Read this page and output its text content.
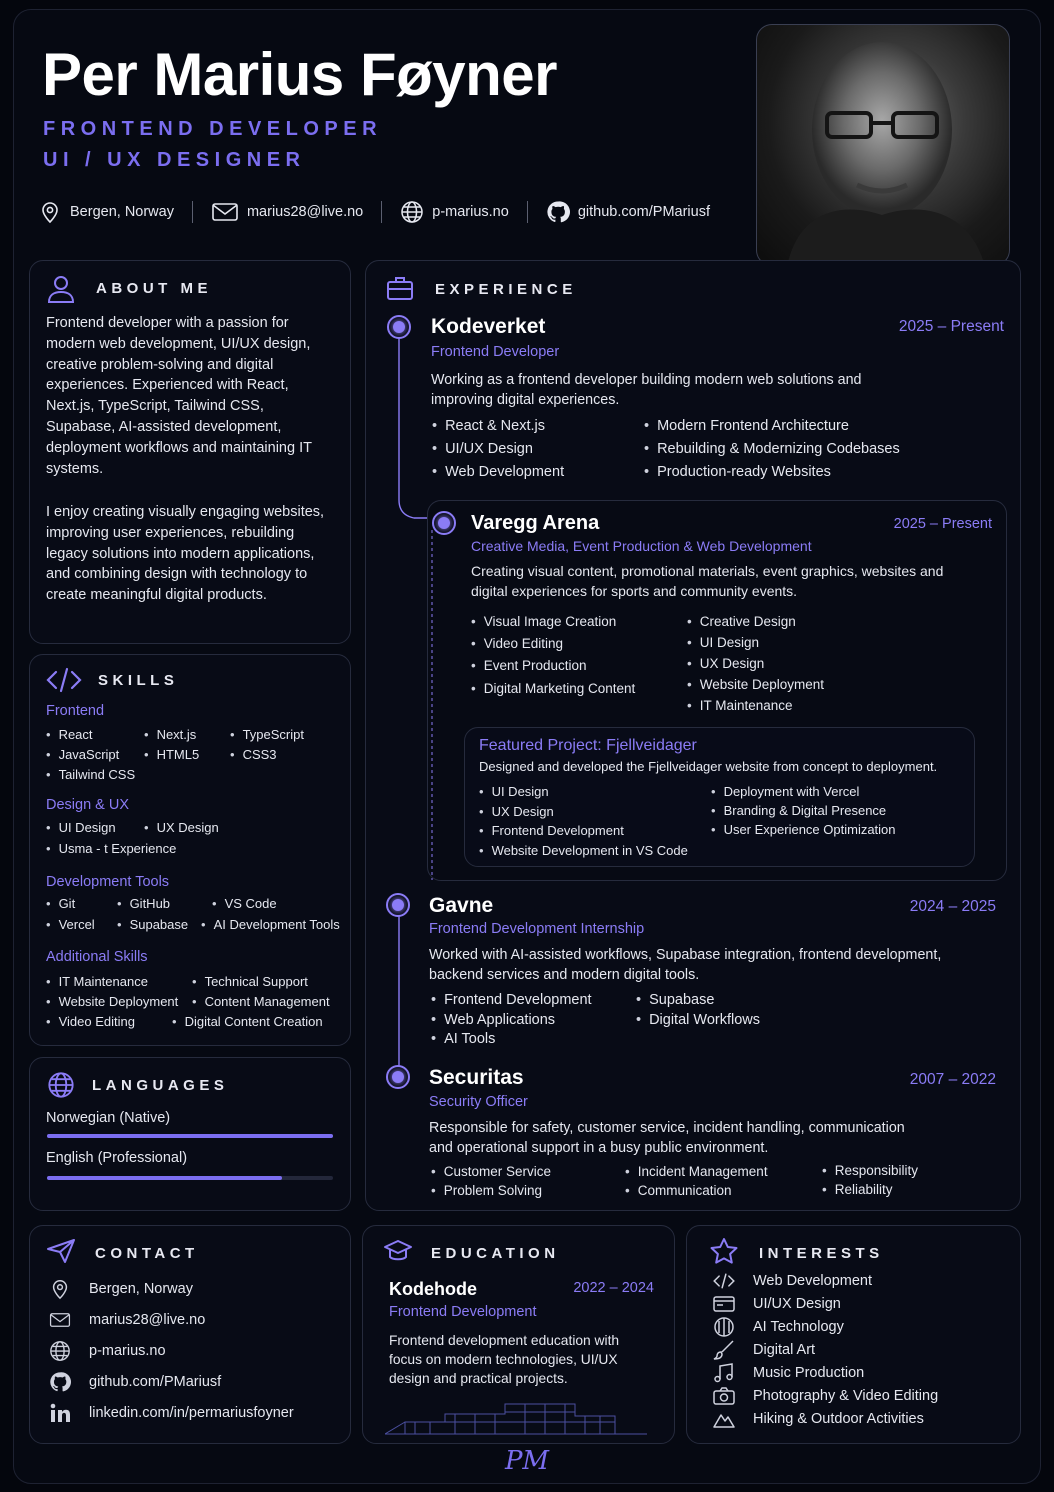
Per Marius Føyner
FRONTEND DEVELOPER
UI / UX DESIGNER
Bergen, Norway	marius28@live.no	p-marius.no	github.com/PMariusf
ABOUT ME

Frontend developer with a passion for modern web development, UI/UX design, creative problem-solving and digital experiences. Experienced with React, Next.js, TypeScript, Tailwind CSS, Supabase, AI-assisted development, deployment workflows and maintaining IT systems.

I enjoy creating visually engaging websites, improving user experiences, rebuilding legacy solutions into modern applications, and combining design with technology to create meaningful digital products.

SKILLS
Frontend
• React	• Next.js	• TypeScript
• JavaScript	• HTML5	• CSS3
• Tailwind CSS
Design & UX
• UI Design	• UX Design
• Usma - t Experience
Development Tools
• Git	• GitHub	• VS Code
• Vercel	• Supabase	• AI Development Tools
Additional Skills
• IT Maintenance	• Technical Support
• Website Deployment	• Content Management
• Video Editing	• Digital Content Creation
LANGUAGES
Norwegian (Native)
English (Professional)
EXPERIENCE
Kodeverket	2025 – Present
Frontend Developer
Working as a frontend developer building modern web solutions and improving digital experiences.
• React & Next.js
• UI/UX Design
• Web Development
• Modern Frontend Architecture
• Rebuilding & Modernizing Codebases
• Production-ready Websites
Varegg Arena	2025 – Present
Creative Media, Event Production & Web Development
Creating visual content, promotional materials, event graphics, websites and digital experiences for sports and community events.
• Visual Image Creation
• Video Editing
• Event Production
• Digital Marketing Content
• Creative Design
• UI Design
• UX Design
• Website Deployment
• IT Maintenance
Featured Project: Fjellveidager
Designed and developed the Fjellveidager website from concept to deployment.
• UI Design
• UX Design
• Frontend Development
• Website Development in VS Code
• Deployment with Vercel
• Branding & Digital Presence
• User Experience Optimization
Gavne	2024 – 2025
Frontend Development Internship
Worked with AI-assisted workflows, Supabase integration, frontend development, backend services and modern digital tools.
• Frontend Development
• Web Applications
• AI Tools
• Supabase
• Digital Workflows
Securitas	2007 – 2022
Security Officer
Responsible for safety, customer service, incident handling, communication and operational support in a busy public environment.
• Customer Service
• Problem Solving
• Incident Management
• Communication
• Responsibility
• Reliability
CONTACT
Bergen, Norway
marius28@live.no
p-marius.no
github.com/PMariusf
linkedin.com/in/permariusfoyner
EDUCATION
Kodehode	2022 – 2024
Frontend Development
Frontend development education with focus on modern technologies, UI/UX design and practical projects.
INTERESTS
Web Development
UI/UX Design
AI Technology
Digital Art
Music Production
Photography & Video Editing
Hiking & Outdoor Activities
PM
